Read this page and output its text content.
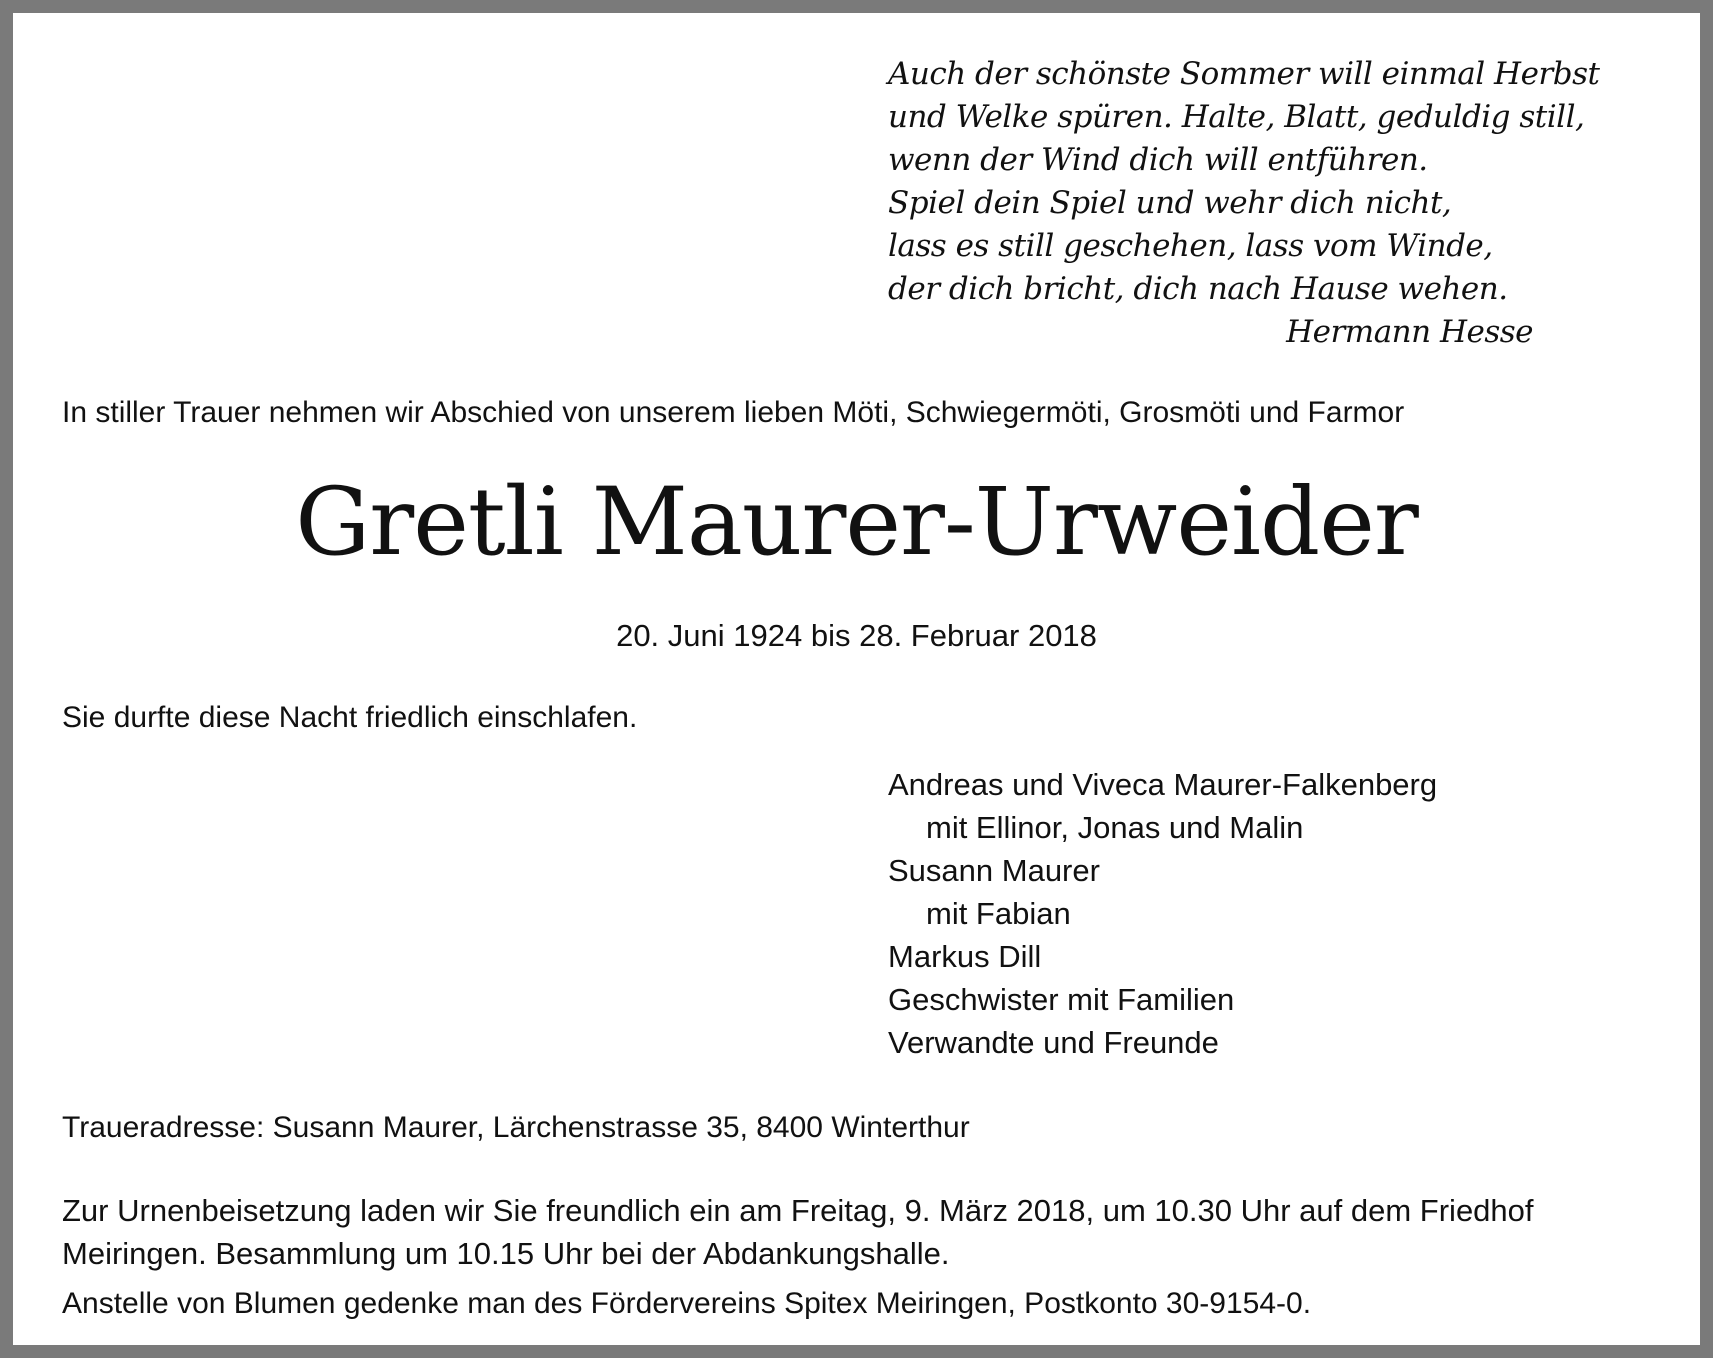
Auch der schönste Sommer will einmal Herbst
und Welke spüren. Halte, Blatt, geduldig still,
wenn der Wind dich will entführen.
Spiel dein Spiel und wehr dich nicht,
lass es still geschehen, lass vom Winde,
der dich bricht, dich nach Hause wehen.
Hermann Hesse
In stiller Trauer nehmen wir Abschied von unserem lieben Möti, Schwiegermöti, Grosmöti und Farmor
Gretli Maurer-Urweider
20. Juni 1924 bis 28. Februar 2018
Sie durfte diese Nacht friedlich einschlafen.
Andreas und Viveca Maurer-Falkenberg
mit Ellinor, Jonas und Malin
Susann Maurer
mit Fabian
Markus Dill
Geschwister mit Familien
Verwandte und Freunde
Traueradresse: Susann Maurer, Lärchenstrasse 35, 8400 Winterthur
Zur Urnenbeisetzung laden wir Sie freundlich ein am Freitag, 9. März 2018, um 10.30 Uhr auf dem Friedhof Meiringen. Besammlung um 10.15 Uhr bei der Abdankungshalle.
Anstelle von Blumen gedenke man des Fördervereins Spitex Meiringen, Postkonto 30-9154-0.
